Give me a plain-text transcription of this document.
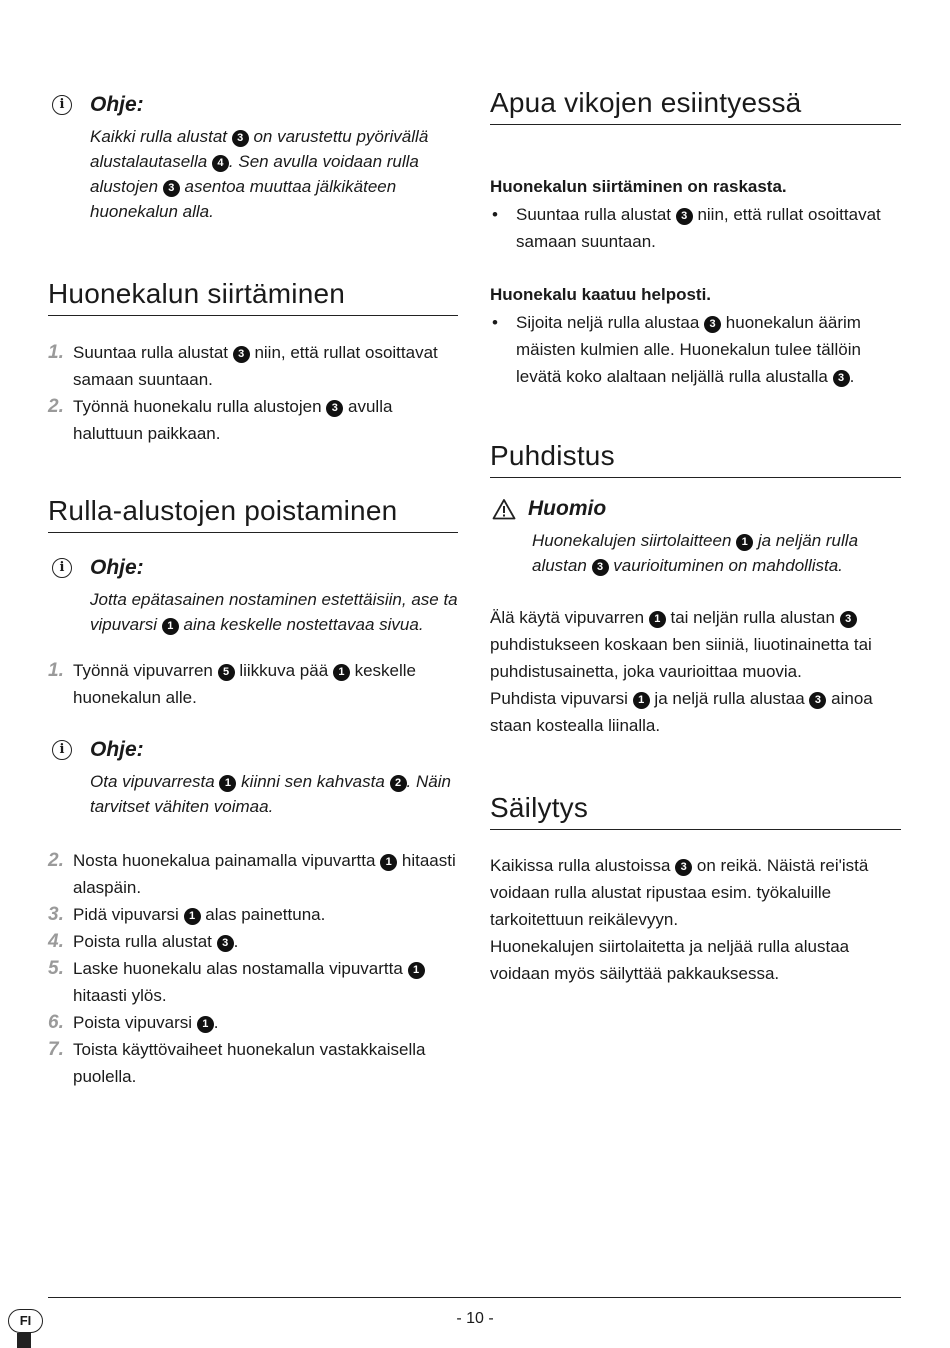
i	Ohje:
Kaikki rulla alustat 3 on varustettu pyörivällä alustalautasella 4 . Sen avulla voidaan rulla alustojen 3 asentoa muuttaa jälkikäteen huonekalun alla.
Huonekalun siirtäminen
1. Suuntaa rulla alustat 3 niin, että rullat osoittavat samaan suuntaan.
2. Työnnä huonekalu rulla alustojen 3 avulla haluttuun paikkaan.
Rulla-alustojen poistaminen
i	Ohje:
Jotta epätasainen nostaminen estettäisiin, ase ta vipuvarsi 1 aina keskelle nostettavaa sivua.
1. Työnnä vipuvarren 5 liikkuva pää 1 keskelle huonekalun alle.
i	Ohje:
Ota vipuvarresta 1 kiinni sen kahvasta 2 . Näin tarvitset vähiten voimaa.
2. Nosta huonekalua painamalla vipuvartta 1 hitaasti alaspäin.
3. Pidä vipuvarsi 1 alas painettuna.
4. Poista rulla alustat 3 .
5. Laske huonekalu alas nostamalla vipuvartta 1 hitaasti ylös.
6. Poista vipuvarsi 1 .
7. Toista käyttövaiheet huonekalun vastakkaisella puolella.
Apua vikojen esiintyessä
Huonekalun siirtäminen on raskasta.
• Suuntaa rulla alustat 3 niin, että rullat osoittavat samaan suuntaan.
Huonekalu kaatuu helposti.
• Sijoita neljä rulla alustaa 3 huonekalun äärim mäisten kulmien alle. Huonekalun tulee tällöin levätä koko alaltaan neljällä rulla alustalla 3 .
Puhdistus
Huomio
Huonekalujen siirtolaitteen 1 ja neljän rulla alustan 3 vaurioituminen on mahdollista.
Älä käytä vipuvarren 1 tai neljän rulla alustan 3 puhdistukseen koskaan ben siiniä, liuotinainetta tai puhdistusainetta, joka vaurioittaa muovia.
Puhdista vipuvarsi 1 ja neljä rulla alustaa 3 ainoa staan kostealla liinalla.
Säilytys
Kaikissa rulla alustoissa 3 on reikä. Näistä rei'istä voidaan rulla alustat ripustaa esim. työkaluille tarkoitettuun reikälevyyn.
Huonekalujen siirtolaitetta ja neljää rulla alustaa voidaan myös säilyttää pakkauksessa.
FI	- 10 -
